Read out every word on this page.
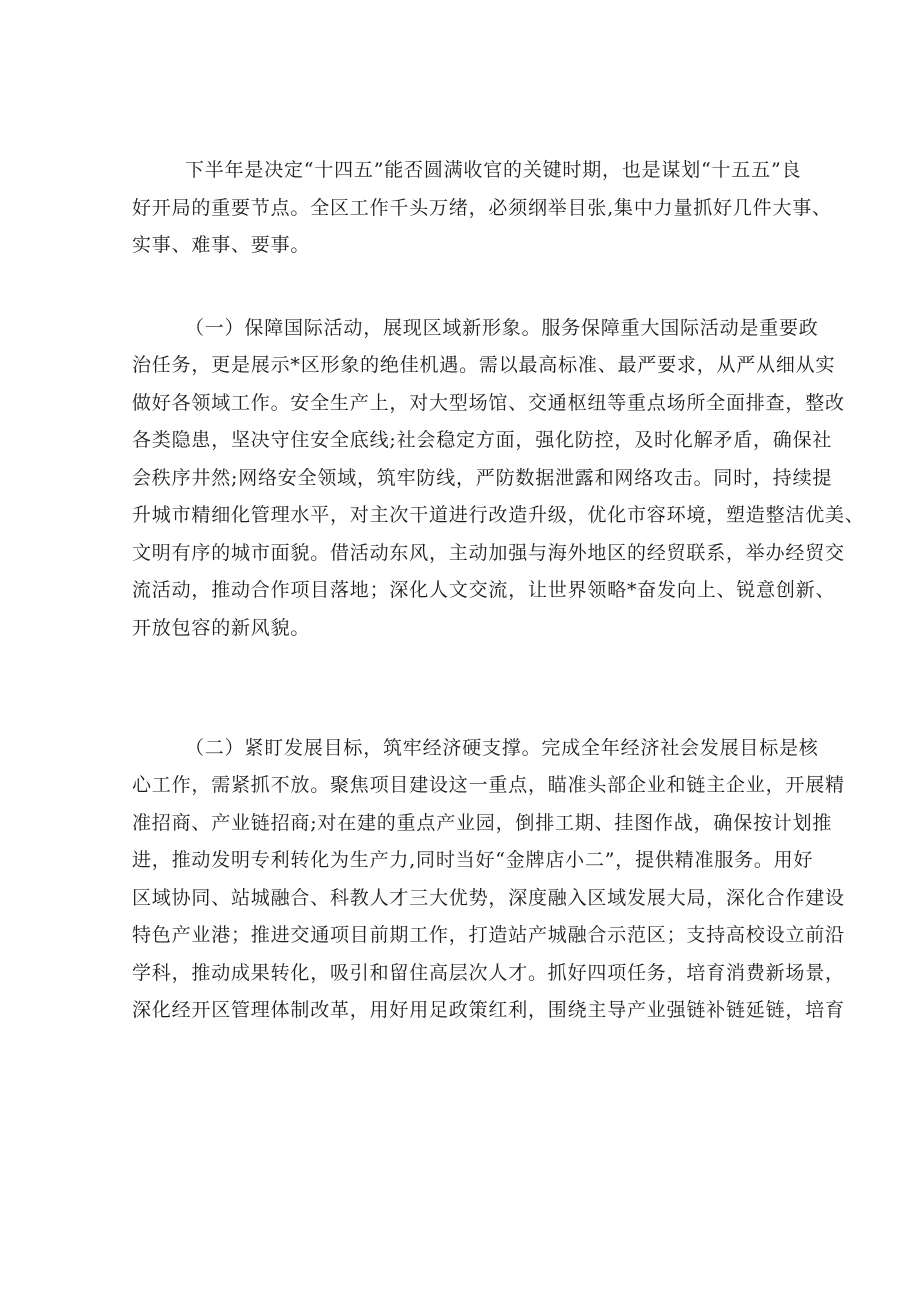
下半年是决定“十四五”能否圆满收官的关键时期，也是谋划“十五五”良
好开局的重要节点。全区工作千头万绪，必须纲举目张,集中力量抓好几件大事、
实事、难事、要事。
（一）保障国际活动，展现区域新形象。服务保障重大国际活动是重要政
治任务，更是展示*区形象的绝佳机遇。需以最高标准、最严要求，从严从细从实
做好各领域工作。安全生产上，对大型场馆、交通枢纽等重点场所全面排查，整改
各类隐患，坚决守住安全底线;社会稳定方面，强化防控，及时化解矛盾，确保社
会秩序井然;网络安全领域，筑牢防线，严防数据泄露和网络攻击。同时，持续提
升城市精细化管理水平，对主次干道进行改造升级，优化市容环境，塑造整洁优美、
文明有序的城市面貌。借活动东风，主动加强与海外地区的经贸联系，举办经贸交
流活动，推动合作项目落地；深化人文交流，让世界领略*奋发向上、锐意创新、
开放包容的新风貌。
（二）紧盯发展目标，筑牢经济硬支撑。完成全年经济社会发展目标是核
心工作，需紧抓不放。聚焦项目建设这一重点，瞄准头部企业和链主企业，开展精
准招商、产业链招商;对在建的重点产业园，倒排工期、挂图作战，确保按计划推
进，推动发明专利转化为生产力,同时当好“金牌店小二”，提供精准服务。用好
区域协同、站城融合、科教人才三大优势，深度融入区域发展大局，深化合作建设
特色产业港；推进交通项目前期工作，打造站产城融合示范区；支持高校设立前沿
学科，推动成果转化，吸引和留住高层次人才。抓好四项任务，培育消费新场景，
深化经开区管理体制改革，用好用足政策红利，围绕主导产业强链补链延链，培育
